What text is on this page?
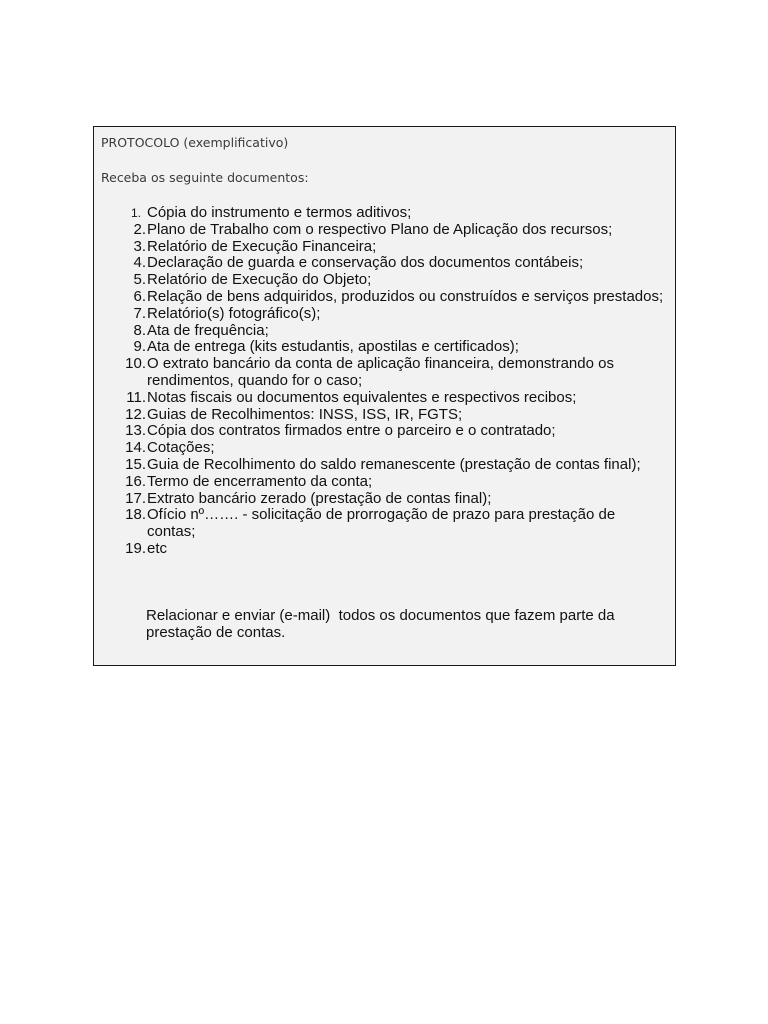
PROTOCOLO (exemplificativo)
Receba os seguinte documentos:
1. Cópia do instrumento e termos aditivos;
2. Plano de Trabalho com o respectivo Plano de Aplicação dos recursos;
3. Relatório de Execução Financeira;
4. Declaração de guarda e conservação dos documentos contábeis;
5. Relatório de Execução do Objeto;
6. Relação de bens adquiridos, produzidos ou construídos e serviços prestados;
7. Relatório(s) fotográfico(s);
8. Ata de frequência;
9. Ata de entrega (kits estudantis, apostilas e certificados);
10. O extrato bancário da conta de aplicação financeira, demonstrando os rendimentos, quando for o caso;
11. Notas fiscais ou documentos equivalentes e respectivos recibos;
12. Guias de Recolhimentos: INSS, ISS, IR, FGTS;
13. Cópia dos contratos firmados entre o parceiro e o contratado;
14. Cotações;
15. Guia de Recolhimento do saldo remanescente (prestação de contas final);
16. Termo de encerramento da conta;
17. Extrato bancário zerado (prestação de contas final);
18. Ofício nº……. - solicitação de prorrogação de prazo para prestação de contas;
19. etc
Relacionar e enviar (e-mail)  todos os documentos que fazem parte da prestação de contas.
